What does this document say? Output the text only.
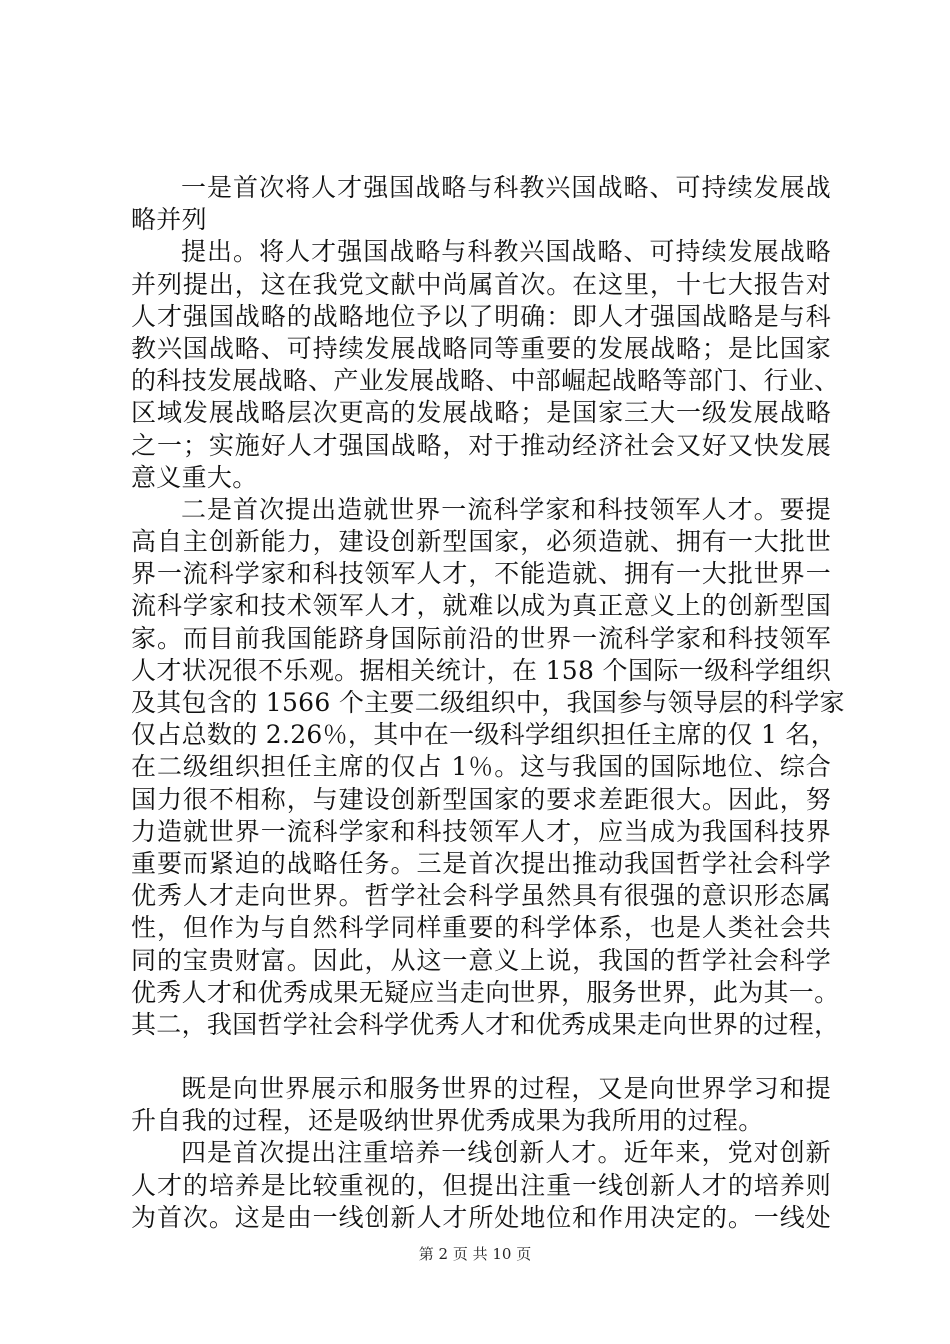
一是首次将人才强国战略与科教兴国战略、可持续发展战
略并列
提出。将人才强国战略与科教兴国战略、可持续发展战略
并列提出，这在我党文献中尚属首次。在这里，十七大报告对
人才强国战略的战略地位予以了明确：即人才强国战略是与科
教兴国战略、可持续发展战略同等重要的发展战略；是比国家
的科技发展战略、产业发展战略、中部崛起战略等部门、行业、
区域发展战略层次更高的发展战略；是国家三大一级发展战略
之一；实施好人才强国战略，对于推动经济社会又好又快发展
意义重大。
二是首次提出造就世界一流科学家和科技领军人才。要提
高自主创新能力，建设创新型国家，必须造就、拥有一大批世
界一流科学家和科技领军人才，不能造就、拥有一大批世界一
流科学家和技术领军人才，就难以成为真正意义上的创新型国
家。而目前我国能跻身国际前沿的世界一流科学家和科技领军
人才状况很不乐观。据相关统计，在 158 个国际一级科学组织
及其包含的 1566 个主要二级组织中，我国参与领导层的科学家
仅占总数的 2.26％，其中在一级科学组织担任主席的仅 1 名，
在二级组织担任主席的仅占 1％。这与我国的国际地位、综合
国力很不相称，与建设创新型国家的要求差距很大。因此，努
力造就世界一流科学家和科技领军人才，应当成为我国科技界
重要而紧迫的战略任务。三是首次提出推动我国哲学社会科学
优秀人才走向世界。哲学社会科学虽然具有很强的意识形态属
性，但作为与自然科学同样重要的科学体系，也是人类社会共
同的宝贵财富。因此，从这一意义上说，我国的哲学社会科学
优秀人才和优秀成果无疑应当走向世界，服务世界，此为其一。
其二，我国哲学社会科学优秀人才和优秀成果走向世界的过程，
既是向世界展示和服务世界的过程，又是向世界学习和提
升自我的过程，还是吸纳世界优秀成果为我所用的过程。
四是首次提出注重培养一线创新人才。近年来，党对创新
人才的培养是比较重视的，但提出注重一线创新人才的培养则
为首次。这是由一线创新人才所处地位和作用决定的。一线处
第 2 页 共 10 页
